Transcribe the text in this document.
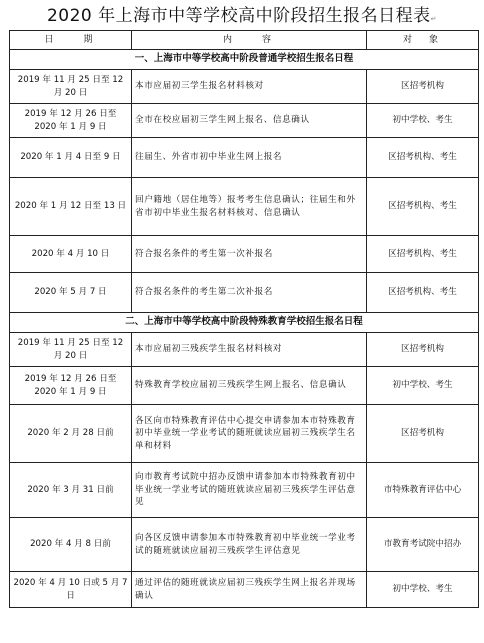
2020 年上海市中等学校高中阶段招生报名日程表↵
日　　期	内　　容	对　象
一、上海市中等学校高中阶段普通学校招生报名日程		
2019 年 11 月 25 日至 12 月 20 日	本市应届初三学生报名材料核对	区招考机构
2019 年 12 月 26 日至 2020 年 1 月 9 日	全市在校应届初三学生网上报名、信息确认	初中学校、考生
2020 年 1 月 4 日至 9 日	往届生、外省市初中毕业生网上报名	区招考机构、考生
2020 年 1 月 12 日至 13 日	回户籍地（居住地等）报考考生信息确认；往届生和外省市初中毕业生报名材料核对、信息确认	区招考机构、考生
2020 年 4 月 10 日	符合报名条件的考生第一次补报名	区招考机构、考生
2020 年 5 月 7 日	符合报名条件的考生第二次补报名	区招考机构、考生
二、上海市中等学校高中阶段特殊教育学校招生报名日程		
2019 年 11 月 25 日至 12 月 20 日	本市应届初三残疾学生报名材料核对	区招考机构
2019 年 12 月 26 日至 2020 年 1 月 9 日	特殊教育学校应届初三残疾学生网上报名、信息确认	初中学校、考生
2020 年 2 月 28 日前	各区向市特殊教育评估中心提交申请参加本市特殊教育初中毕业统一学业考试的随班就读应届初三残疾学生名单和材料	区招考机构
2020 年 3 月 31 日前	向市教育考试院中招办反馈申请参加本市特殊教育初中毕业统一学业考试的随班就读应届初三残疾学生评估意见	市特殊教育评估中心
2020 年 4 月 8 日前	向各区反馈申请参加本市特殊教育初中毕业统一学业考试的随班就读应届初三残疾学生评估意见	市教育考试院中招办
2020 年 4 月 10 日或 5 月 7 日	通过评估的随班就读应届初三残疾学生网上报名并现场确认	初中学校、考生
